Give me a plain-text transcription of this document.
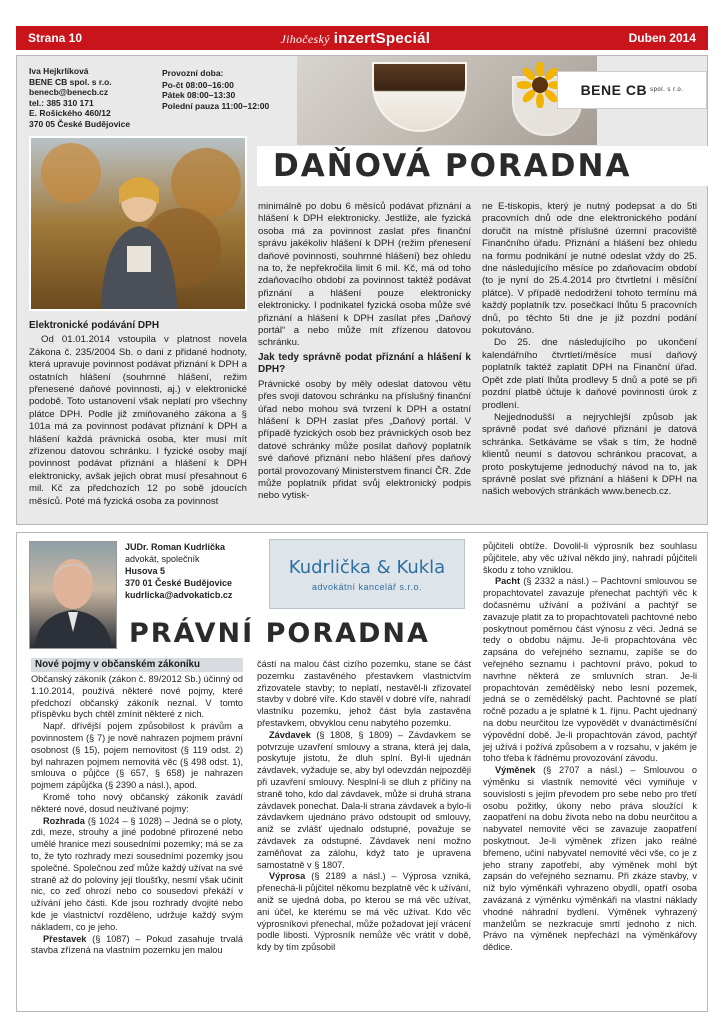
Strana 10	Jihočeský inzertSpeciál	Duben 2014
Iva Hejkrlíková
BENE CB spol. s r.o.
benecb@benecb.cz
tel.: 385 310 171
E. Rošického 460/12
370 05 České Budějovice
Provozní doba:
Po-čt 08:00–16:00
Pátek 08:00–13:30
Polední pauza 11:00–12:00
BENE CB spol. s r.o.
DAŇOVÁ PORADNA
Elektronické podávání DPH

Od 01.01.2014 vstoupila v platnost novela Zákona č. 235/2004 Sb. o dani z přidané hodnoty, která upravuje povinnost podávat přiznání k DPH a ostatních hlášení (souhrnné hlášení, režim přenesené daňové povinnosti, aj.) v elektronické podobě. Toto ustanovení však neplatí pro všechny plátce DPH. Podle již zmiňovaného zákona a § 101a má za povinnost podávat přiznání k DPH a hlášení každá právnická osoba, kter musí mít zřízenou datovou schránku. I fyzické osoby mají povinnost podávat přiznání a hlášení k DPH elektronicky, avšak jejich obrat musí přesahnout 6 mil. Kč za předchozích 12 po sobě jdoucích měsíců. Poté má fyzická osoba za povinnost

minimálně po dobu 6 měsíců podávat přiznání a hlášení k DPH elektronicky. Jestliže, ale fyzická osoba má za povinnost zaslat přes finanční správu jakékoliv hlášení k DPH (režim přenesení daňové povinnosti, souhrnné hlášení) bez ohledu na to, že nepřekročila limit 6 mil. Kč, má od toho zdaňovacího období za povinnost taktéž podávat přiznání a hlášení pouze elektronicky elektronicky. I podnikatel fyzická osoba může své přiznání a hlášení k DPH zasílat přes „Daňový portál“ a nebo může mít zřízenou datovou schránku.

Jak tedy správně podat přiznání a hlášení k DPH?

Právnické osoby by měly odeslat datovou větu přes svoji datovou schránku na příslušný finanční úřad nebo mohou svá tvrzení k DPH a ostatní hlášení k DPH zaslat přes „Daňový portál. V případě fyzických osob bez právnických osob bez datové schránky může posílat daňový poplatník své daňové přiznání nebo hlášení přes daňový portál provozovaný Ministerstvem financí ČR. Zde může poplatník přidat svůj elektronický podpis nebo vytisk-

ne E-tiskopis, který je nutný podepsat a do 5ti pracovních dnů ode dne elektronického podání doručit na místně příslušné územní pracoviště Finančního úřadu. Přiznání a hlášení bez ohledu na formu podnikání je nutné odeslat vždy do 25. dne následujícího měsíce po zdaňovacím období (to je nyní do 25.4.2014 pro čtvrtletní i měsíční plátce). V případě nedodržení tohoto termínu má každý poplatník tzv. posečkací lhůtu 5 pracovních dnů, po těchto 5ti dne je již pozdní podání pokutováno.

Do 25. dne následujícího po ukončení kalendářního čtvrtletí/měsíce musí daňový poplatník taktéž zaplatit DPH na Finanční úřad. Opět zde platí lhůta prodlevy 5 dnů a poté se při pozdní platbě účtuje k daňové povinnosti úrok z prodlení.

Nejjednodušší a nejrychlejší způsob jak správně podat své daňové přiznání je datová schránka. Setkáváme se však s tím, že hodně klientů neumí s datovou schránkou pracovat, a proto poskytujeme jednoduchý návod na to, jak správně poslat své přiznání a hlášení k DPH na našich webových stránkách www.benecb.cz.

JUDr. Roman Kudrlička
advokát, společník
Husova 5
370 01 České Budějovice
kudrlicka@advokaticb.cz
Kudrlička & Kukla
advokátní kancelář s.r.o.
PRÁVNÍ PORADNA
Nové pojmy v občanském zákoníku

Občanský zákoník (zákon č. 89/2012 Sb.) účinný od 1.10.2014, používá některé nové pojmy, které předchozí občanský zákoník neznal. V tomto příspěvku bych chtěl zmínit některé z nich.

Např. dřívější pojem způsobilost k právům a povinnostem (§ 7) je nově nahrazen pojmem právní osobnost (§ 15), pojem nemovitost (§ 119 odst. 2) byl nahrazen pojmem nemovitá věc (§ 498 odst. 1), smlouva o půjčce (§ 657, § 658) je nahrazen pojmem zápůjčka (§ 2390 a násl.), apod.

Kromě toho nový občanský zákoník zavádí některé nové, dosud neužívané pojmy:

Rozhrada (§ 1024 – § 1028) – Jedná se o ploty, zdi, meze, strouhy a jiné podobné přirozené nebo umělé hranice mezi sousedními pozemky; má se za to, že tyto rozhrady mezi sousedními pozemky jsou společné. Společnou zeď může každý užívat na své straně až do poloviny její tloušťky, nesmí však učinit nic, co zeď ohrozí nebo co sousedovi překáží v užívání jeho části. Kde jsou rozhrady dvojité nebo kde je vlastnictví rozděleno, udržuje každý svým nákladem, co je jeho.

Přestavek (§ 1087) – Pokud zasahuje trvalá stavba zřízená na vlastním pozemku jen malou

částí na malou část cizího pozemku, stane se část pozemku zastavěného přestavkem vlastnictvím zřizovatele stavby; to neplatí, nestavěl-li zřizovatel stavby v dobré víře. Kdo stavěl v dobré víře, nahradí vlastníku pozemku, jehož část byla zastavěna přestavkem, obvyklou cenu nabytého pozemku.

Závdavek (§ 1808, § 1809) – Závdavkem se potvrzuje uzavření smlouvy a strana, která jej dala, poskytuje jistotu, že dluh splní. Byl-li ujednán závdavek, vyžaduje se, aby byl odevzdán nejpozději při uzavření smlouvy. Nesplní-li se dluh z příčiny na straně toho, kdo dal závdavek, může si druhá strana závdavek ponechat. Dala-li strana závdavek a bylo-li závdavkem ujednáno právo odstoupit od smlouvy, aniž se zvlášť ujednalo odstupné, považuje se závdavek za odstupné. Závdavek není možno zaměňovat za zálohu, když tato je upravena samostatně v § 1807.

Výprosa (§ 2189 a násl.) – Výprosa vzniká, přenechá-li půjčitel někomu bezplatně věc k užívání, aniž se ujedná doba, po kterou se má věc užívat, ani účel, ke kterému se má věc užívat. Kdo věc výprosníkovi přenechal, může požadovat její vrácení podle libosti. Výprosník nemůže věc vrátit v době, kdy by tím způsobil

půjčiteli obtíže. Dovolil-li výprosník bez souhlasu půjčitele, aby věc užíval někdo jiný, nahradí půjčiteli škodu z toho vzniklou.

Pacht (§ 2332 a násl.) – Pachtovní smlouvou se propachtovatel zavazuje přenechat pachtýři věc k dočasnému užívání a požívání a pachtýř se zavazuje platit za to propachtovateli pachtovné nebo poskytnout poměrnou část výnosu z věci. Jedná se tedy o obdobu nájmu. Je-li propachtována věc zapsána do veřejného seznamu, zapíše se do veřejného seznamu i pachtovní právo, pokud to navrhne některá ze smluvních stran. Je-li propachtován zemědělský nebo lesní pozemek, jedná se o zemědělský pacht. Pachtovné se platí ročně pozadu a je splatné k 1. říjnu. Pacht ujednaný na dobu neurčitou lze vypovědět v dvanáctiměsíční výpovědní době. Je-li propachtován závod, pachtýř jej užívá i požívá způsobem a v rozsahu, v jakém je toho třeba k řádnému provozování závodu.

Výměnek (§ 2707 a násl.) – Smlouvou o výměnku si vlastník nemovité věci vymiňuje v souvislosti s jejím převodem pro sebe nebo pro třetí osobu požitky, úkony nebo práva sloužící k zaopatření na dobu života nebo na dobu neurčitou a nabyvatel nemovité věci se zavazuje zaopatření poskytnout. Je-li výměnek zřízen jako reálné břemeno, učiní nabyvatel nemovité věci vše, co je z jeho strany zapotřebí, aby výměnek mohl být zapsán do veřejného seznamu. Při zkáze stavby, v níž bylo výměnkáři vyhrazeno obydlí, opatří osoba zavázaná z výměnku výměnkáři na vlastní náklady vhodné náhradní bydlení. Výměnek vyhrazený manželům se nezkracuje smrtí jednoho z nich. Právo na výměnek nepřechází na výměnkářovy dědice.
